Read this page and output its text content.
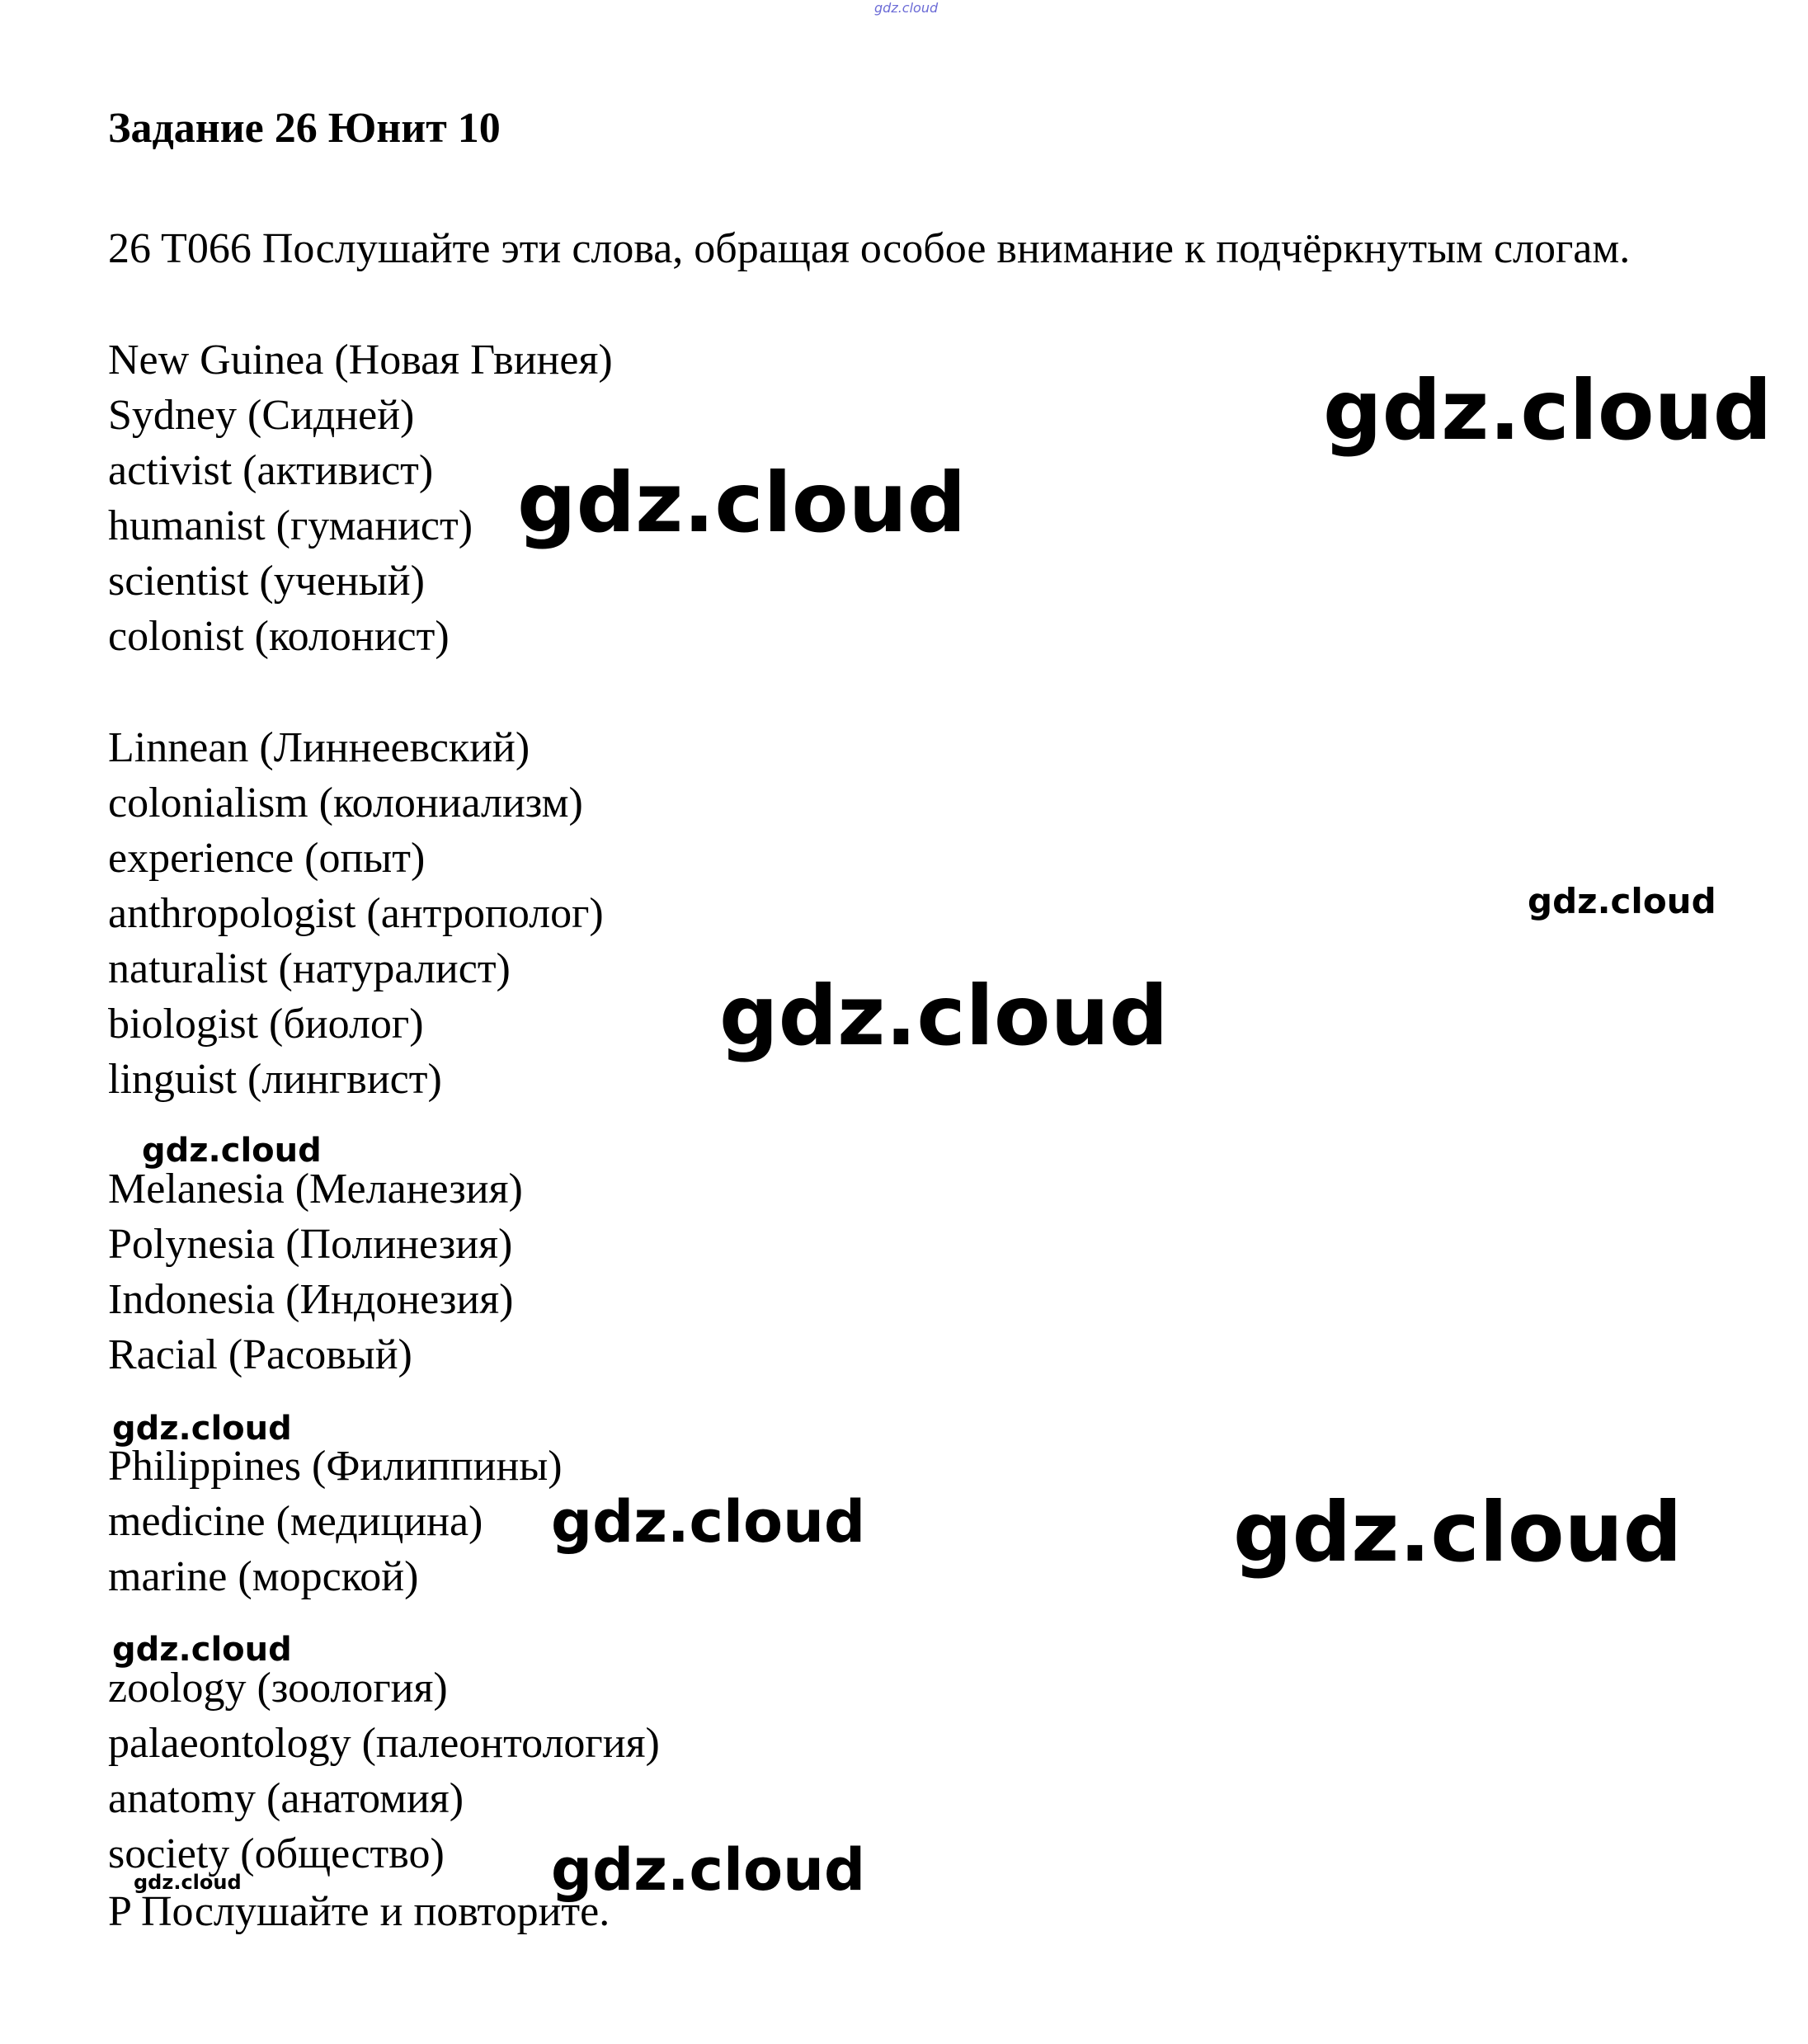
gdz.cloud
Задание 26 Юнит 10
26 T066 Послушайте эти слова, обращая особое внимание к подчёркнутым слогам.
New Guinea (Новая Гвинея)
Sydney (Сидней)
activist (активист)
humanist (гуманист)
scientist (ученый)
colonist (колонист)
Linnean (Линнеевский)
colonialism (колониализм)
experience (опыт)
anthropologist (антрополог)
naturalist (натуралист)
biologist (биолог)
linguist (лингвист)
Melanesia (Меланезия)
Polynesia (Полинезия)
Indonesia (Индонезия)
Racial (Расовый)
Philippines (Филиппины)
medicine (медицина)
marine (морской)
zoology (зоология)
palaeontology (палеонтология)
anatomy (анатомия)
society (общество)
P Послушайте и повторите.
gdz.cloud
gdz.cloud
gdz.cloud
gdz.cloud
gdz.cloud
gdz.cloud
gdz.cloud	gdz.cloud
gdz.cloud
gdz.cloud
gdz.cloud
